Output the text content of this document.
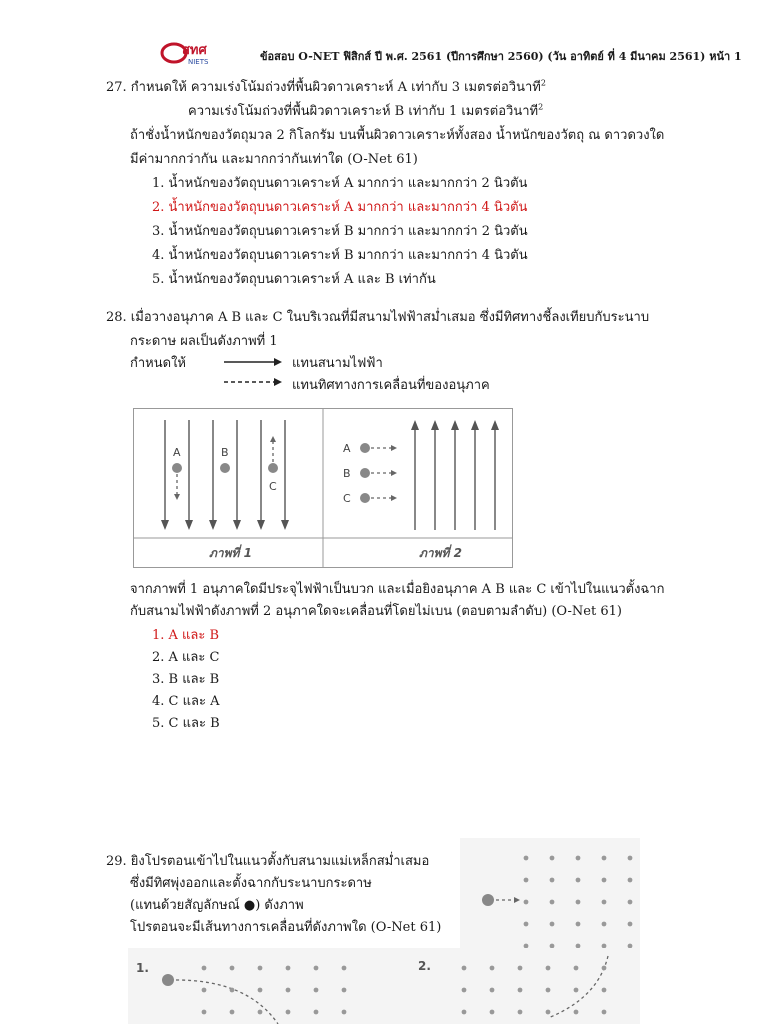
สทศ
NIETS	ข้อสอบ O-NET ฟิสิกส์ ปี พ.ศ. 2561 (ปีการศึกษา 2560) (วัน อาทิตย์ ที่ 4 มีนาคม 2561) หน้า 1
27. กำหนดให้ ความเร่งโน้มถ่วงที่พื้นผิวดาวเคราะห์ A เท่ากับ 3 เมตรต่อวินาที$^2$
ความเร่งโน้มถ่วงที่พื้นผิวดาวเคราะห์ B เท่ากับ 1 เมตรต่อวินาที$^2$
ถ้าชั่งน้ำหนักของวัตถุมวล 2 กิโลกรัม บนพื้นผิวดาวเคราะห์ทั้งสอง น้ำหนักของวัตถุ ณ ดาวดวงใด
มีค่ามากกว่ากัน และมากกว่ากันเท่าใด (O-Net 61)
1. น้ำหนักของวัตถุบนดาวเคราะห์ A มากกว่า และมากกว่า 2 นิวตัน
2. น้ำหนักของวัตถุบนดาวเคราะห์ A มากกว่า และมากกว่า 4 นิวตัน
3. น้ำหนักของวัตถุบนดาวเคราะห์ B มากกว่า และมากกว่า 2 นิวตัน
4. น้ำหนักของวัตถุบนดาวเคราะห์ B มากกว่า และมากกว่า 4 นิวตัน
5. น้ำหนักของวัตถุบนดาวเคราะห์ A และ B เท่ากัน
28. เมื่อวางอนุภาค A B และ C ในบริเวณที่มีสนามไฟฟ้าสม่ำเสมอ ซึ่งมีทิศทางชี้ลงเทียบกับระนาบ
กระดาษ ผลเป็นดังภาพที่ 1
กำหนดให้	แทนสนามไฟฟ้า
แทนทิศทางการเคลื่อนที่ของอนุภาค
A	B
C
ภาพที่ 1
A
B
C
ภาพที่ 2
จากภาพที่ 1 อนุภาคใดมีประจุไฟฟ้าเป็นบวก และเมื่อยิงอนุภาค A B และ C เข้าไปในแนวตั้งฉาก
กับสนามไฟฟ้าดังภาพที่ 2 อนุภาคใดจะเคลื่อนที่โดยไม่เบน (ตอบตามลำดับ) (O-Net 61)
1. A และ B
2. A และ C
3. B และ B
4. C และ A
5. C และ B
29. ยิงโปรตอนเข้าไปในแนวตั้งกับสนามแม่เหล็กสม่ำเสมอ
ซึ่งมีทิศพุ่งออกและตั้งฉากกับระนาบกระดาษ
(แทนด้วยสัญลักษณ์ ●) ดังภาพ
โปรตอนจะมีเส้นทางการเคลื่อนที่ดังภาพใด (O-Net 61)
1.	2.
